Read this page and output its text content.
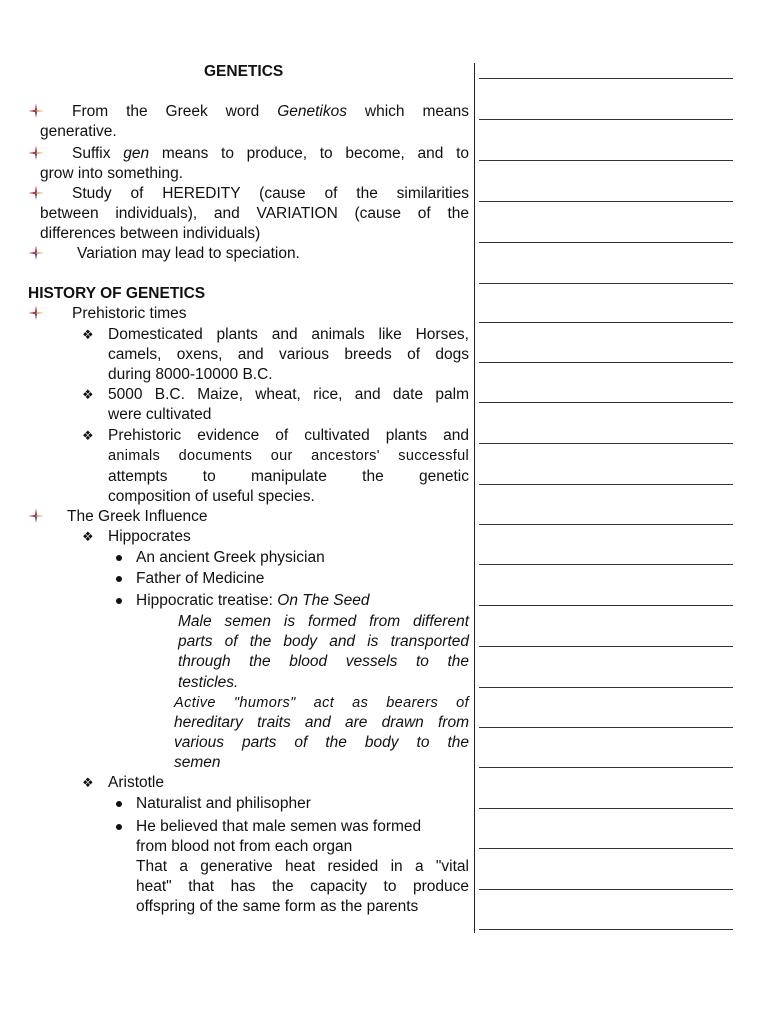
GENETICS
From the Greek word Genetikos which means
generative.
Suffix gen means to produce, to become, and to
grow into something.
Study of HEREDITY (cause of the similarities
between individuals), and VARIATION (cause of the
differences between individuals)
Variation may lead to speciation.
HISTORY OF GENETICS
Prehistoric times
❖ Domesticated plants and animals like Horses,
camels, oxens, and various breeds of dogs
during 8000-10000 B.C.
❖ 5000 B.C. Maize, wheat, rice, and date palm
were cultivated
❖ Prehistoric evidence of cultivated plants and
animals documents our ancestors' successful
attempts to manipulate the genetic
composition of useful species.
The Greek Influence
❖ Hippocrates
An ancient Greek physician
Father of Medicine
Hippocratic treatise: On The Seed
Male semen is formed from different
parts of the body and is transported
through the blood vessels to the
testicles.
Active "humors" act as bearers of
hereditary traits and are drawn from
various parts of the body to the
semen
❖ Aristotle
Naturalist and philisopher
He believed that male semen was formed
from blood not from each organ
That a generative heat resided in a "vital
heat" that has the capacity to produce
offspring of the same form as the parents
